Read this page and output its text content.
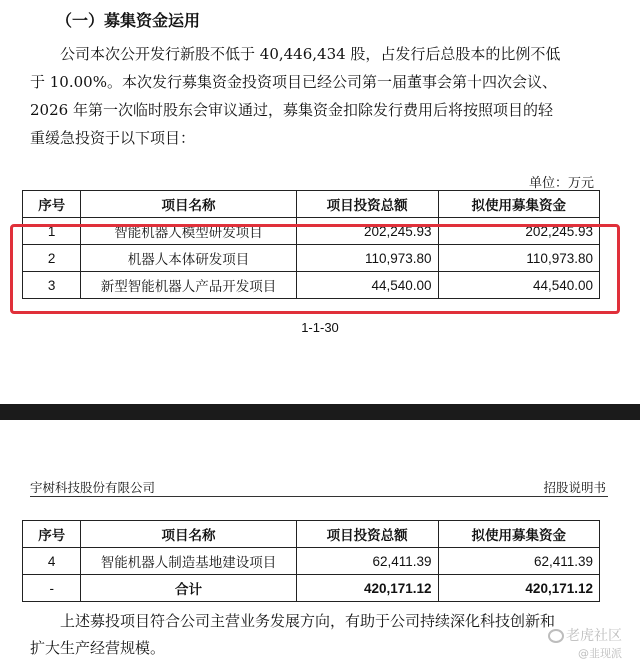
（一）募集资金运用
公司本次公开发行新股不低于 40,446,434 股，占发行后总股本的比例不低
于 10.00%。本次发行募集资金投资项目已经公司第一届董事会第十四次会议、
2026 年第一次临时股东会审议通过，募集资金扣除发行费用后将按照项目的轻
重缓急投资于以下项目：
单位：万元
序号	项目名称	项目投资总额	拟使用募集资金
1	智能机器人模型研发项目	202,245.93	202,245.93
2	机器人本体研发项目	110,973.80	110,973.80
3	新型智能机器人产品开发项目	44,540.00	44,540.00
1-1-30
宇树科技股份有限公司	招股说明书
序号	项目名称	项目投资总额	拟使用募集资金
4	智能机器人制造基地建设项目	62,411.39	62,411.39
-	合计	420,171.12	420,171.12
上述募投项目符合公司主营业务发展方向，有助于公司持续深化科技创新和
扩大生产经营规模。
老虎社区
@韭现派
